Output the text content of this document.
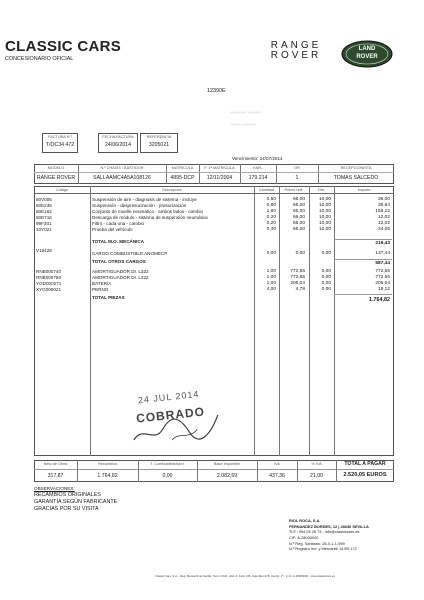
CLASSIC CARS
CONCESIONARIO OFICIAL
RANGE
ROVER
LAND
ROVER
12390E
~~~~~~ ~~~~~
~~~~ ~~~~~
FACTURA N.º
T/OC34 472
FECHA FACTURA
24/06/2014
REFERENCIA
3205021
Vencimiento: 24/07/2014
MODELO	N.º CHASIS / BASTIDOR	MATRÍCULA	F. 1ª MATRÍCULA	KMS.	OR	RECEPCIONISTA
RANGE ROVER	SALLAAMC4A5A108126	4895-DCP	12/11/2004	179.214	1	TOMAS SALCEDO
Código	Descripción	Cantidad	Precio unit.	Dto.	Importe
60V005	Suspensión de aire - diagnosis de sistema - incluye	0,50	66,00	10,00	36,00
60E235	Suspensión - despresurización - presurización	0,80	66,00	10,00	36,64
60E162	Conjunto de muelle neumático - ambos lados - cambio	1,60	66,00	10,00	156,22
60E716	Descarga de módulo - sistema de suspensión neumática	0,20	66,00	10,00	12,02
99F301	Filtro - cada una - cambio	0,20	66,00	10,00	12,02
10Y021	Prueba del vehículo	0,40	66,00	10,00	24,05
TOTAL M.O. MECÁNICA	216,43
V16428
CARGO COMBUSTIBLE ANOMECP	0,00	0,00	0,00	137,44
TOTAL OTROS CARGOS	587,44
RNB000740	AMORTIGUADOR DI. L322	1,00	772,55	0,00	772,55
RNB000750	AMORTIGUADOR DI. L322	1,00	772,55	0,00	772,55
YGD000271	BATERÍA	1,00	205,04	0,00	205,04
XYG000021	PERNO	4,00	4,78	0,00	19,12
TOTAL PIEZAS	1.764,82
24 JUL 2014
COBRADO
Neto de Otros	Recambios	T. Combustible/lubri.	Base Imponible	IVA	% IVA	TOTAL A PAGAR
317,87	1.764,82	0,00	2.082,69	437,36	21,00	2.520,05 EUROS
OBSERVACIONES:
RECAMBIOS ORIGINALES
GARANTÍA SEGÚN FABRICANTE
GRACIAS POR SU VISITA
RIOL ROCA, S.A.
FERNANDEZ BORDES, 12 | 28036 SEVILLA
TLF.: 954 25 25 73 - info@classiccars.es
CIF: A-28000000
N.º Reg. Sanitario: 28-0-1-1-999
N.º Registro Ind. y Mercantil: 41/99,172
Classic Cars, S.A. - Reg. Mercantil de Sevilla, Tomo 3.024, Libro 0, Folio 135, Hoja SE-1478, Inscrip. 1ª - C.I.F. A-28000000 - www.classiccars.es
